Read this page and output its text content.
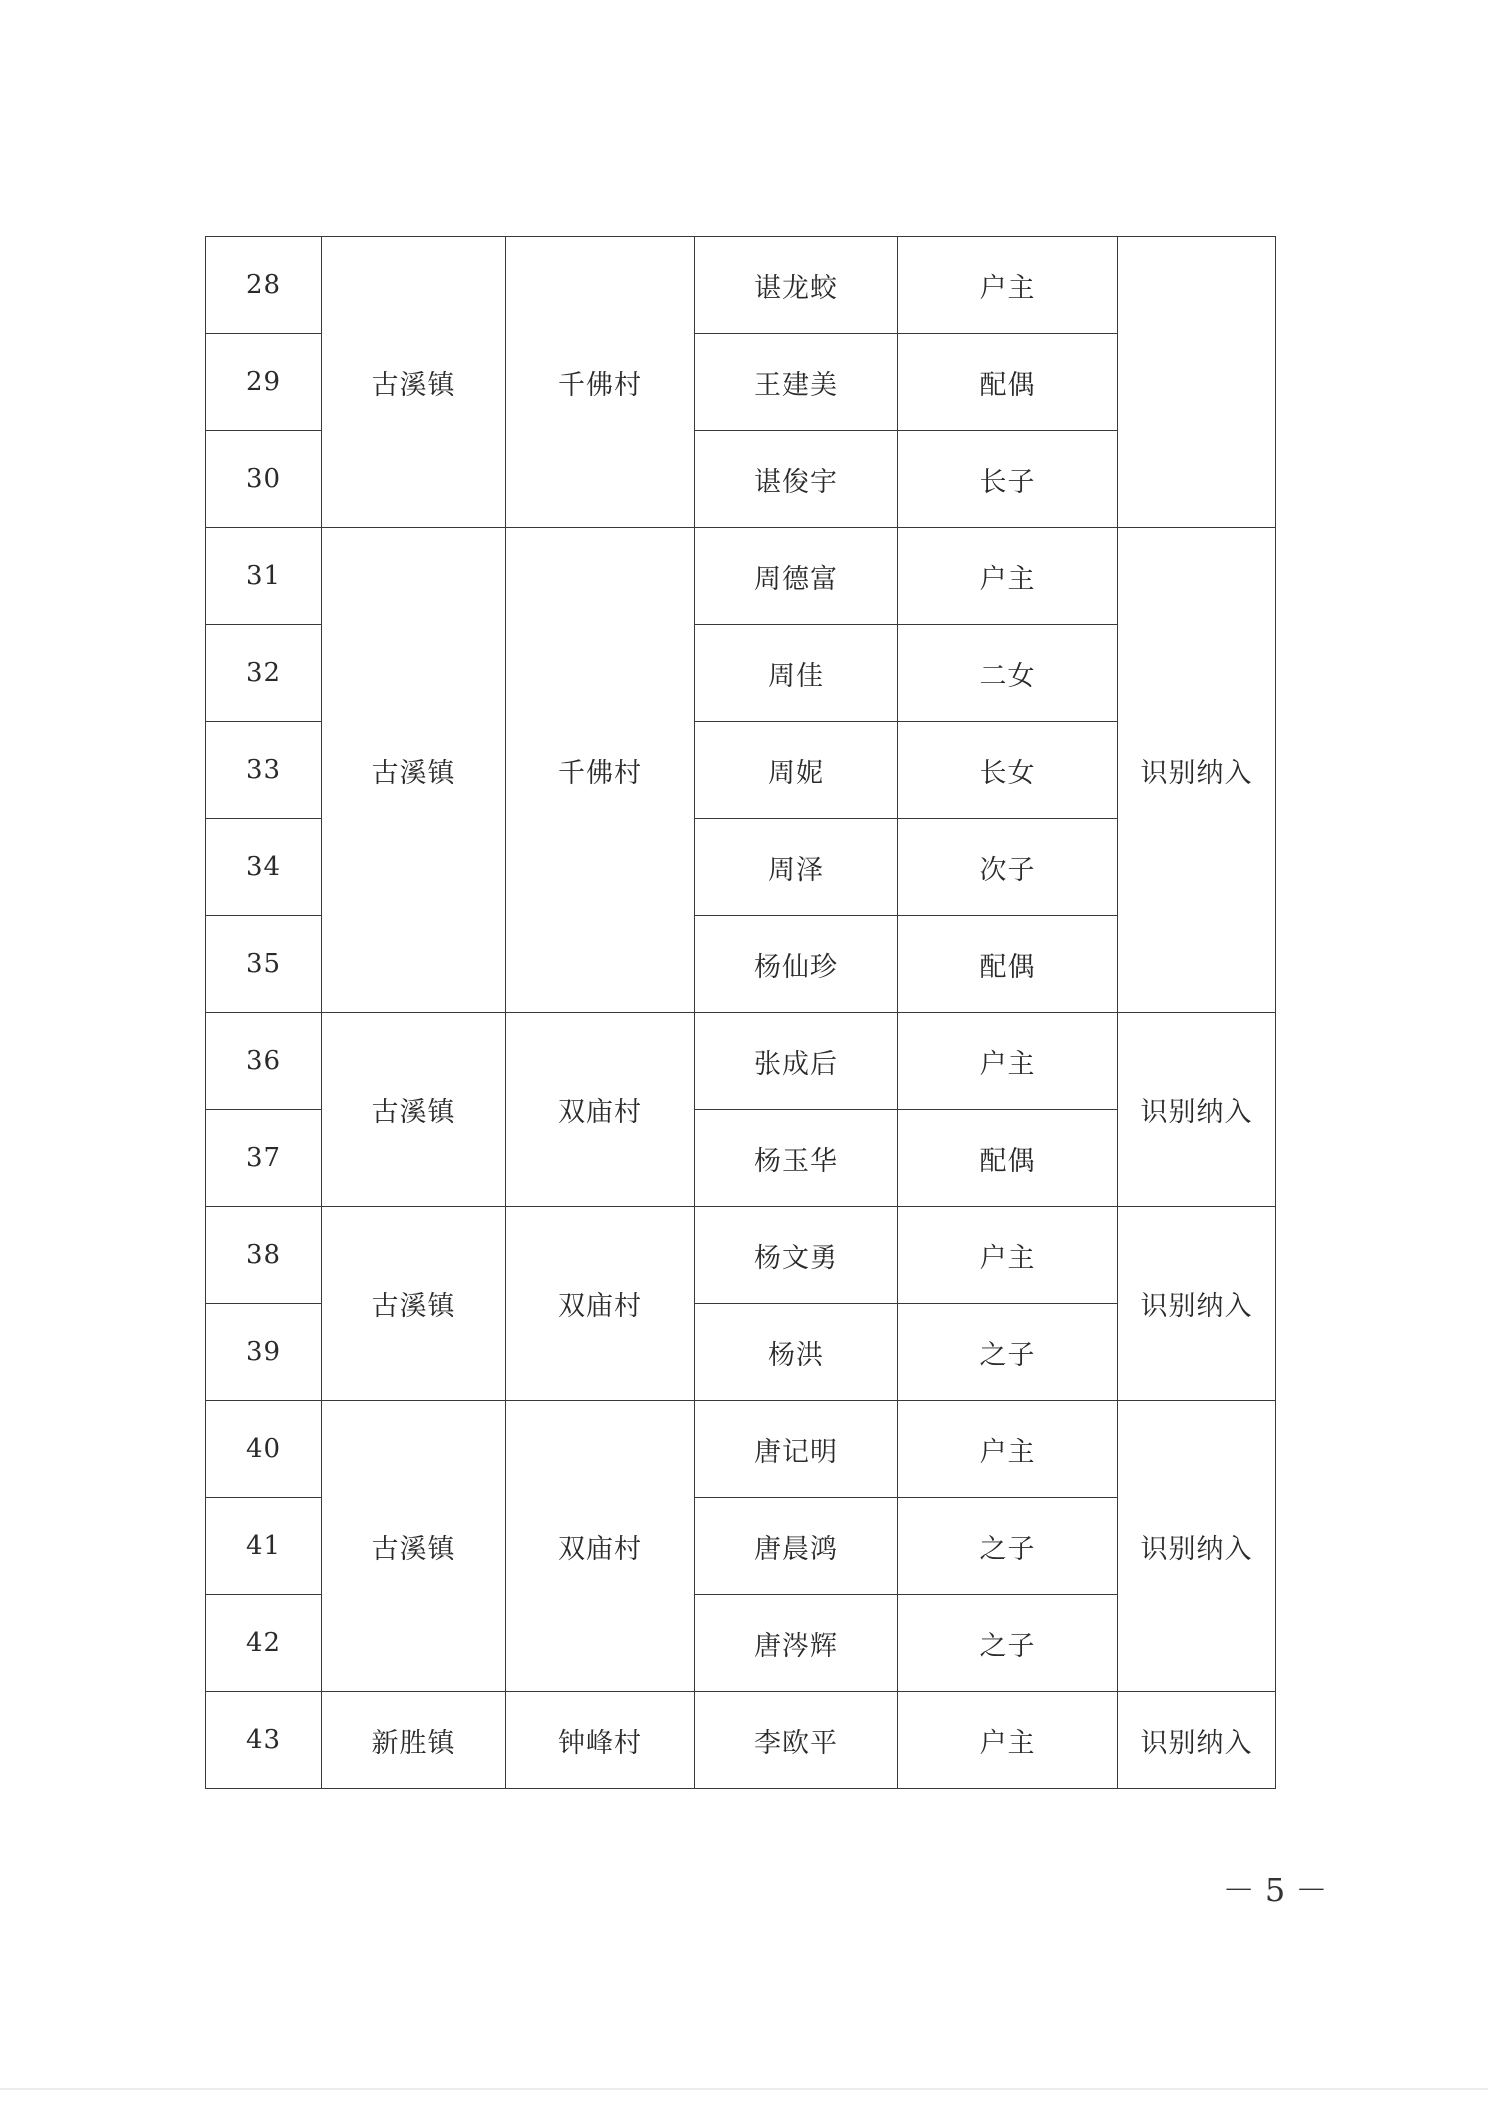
28	古溪镇	千佛村	谌龙蛟	户主	
29			王建美	配偶	
30			谌俊宇	长子	
31	古溪镇	千佛村	周德富	户主	识别纳入
32			周佳	二女	
33			周妮	长女	
34			周泽	次子	
35			杨仙珍	配偶	
36	古溪镇	双庙村	张成后	户主	识别纳入
37			杨玉华	配偶	
38	古溪镇	双庙村	杨文勇	户主	识别纳入
39			杨洪	之子	
40	古溪镇	双庙村	唐记明	户主	识别纳入
41			唐晨鸿	之子	
42			唐涔辉	之子	
43	新胜镇	钟峰村	李欧平	户主	识别纳入
－ 5 －
